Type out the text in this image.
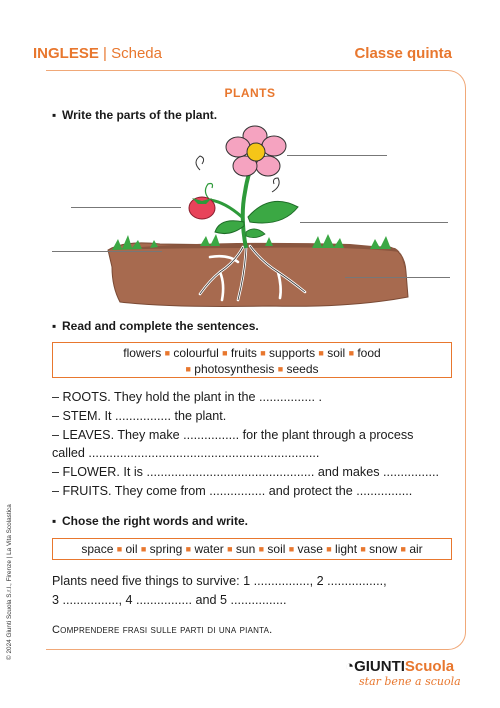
INGLESE | Scheda	Classe quinta
© 2024 Giunti Scuola S.r.l., Firenze | La Vita Scolastica
PLANTS
▪ Write the parts of the plant.
▪ Read and complete the sentences.
flowers ■ colourful ■ fruits ■ supports ■ soil ■ food
■ photosynthesis ■ seeds
– ROOTS. They hold the plant in the ................ .
– STEM. It ................ the plant.
– LEAVES. They make ................ for the plant through a process
called ..................................................................
– FLOWER. It is ................................................ and makes ................
– FRUITS. They come from ................ and protect the ................
▪ Chose the right words and write.
space ■ oil ■ spring ■ water ■ sun ■ soil ■ vase ■ light ■ snow ■ air
Plants need five things to survive: 1 ................, 2 ................,
3 ................, 4 ................ and 5 ................
Comprendere frasi sulle parti di una pianta.
◔GIUNTIScuola
star bene a scuola
